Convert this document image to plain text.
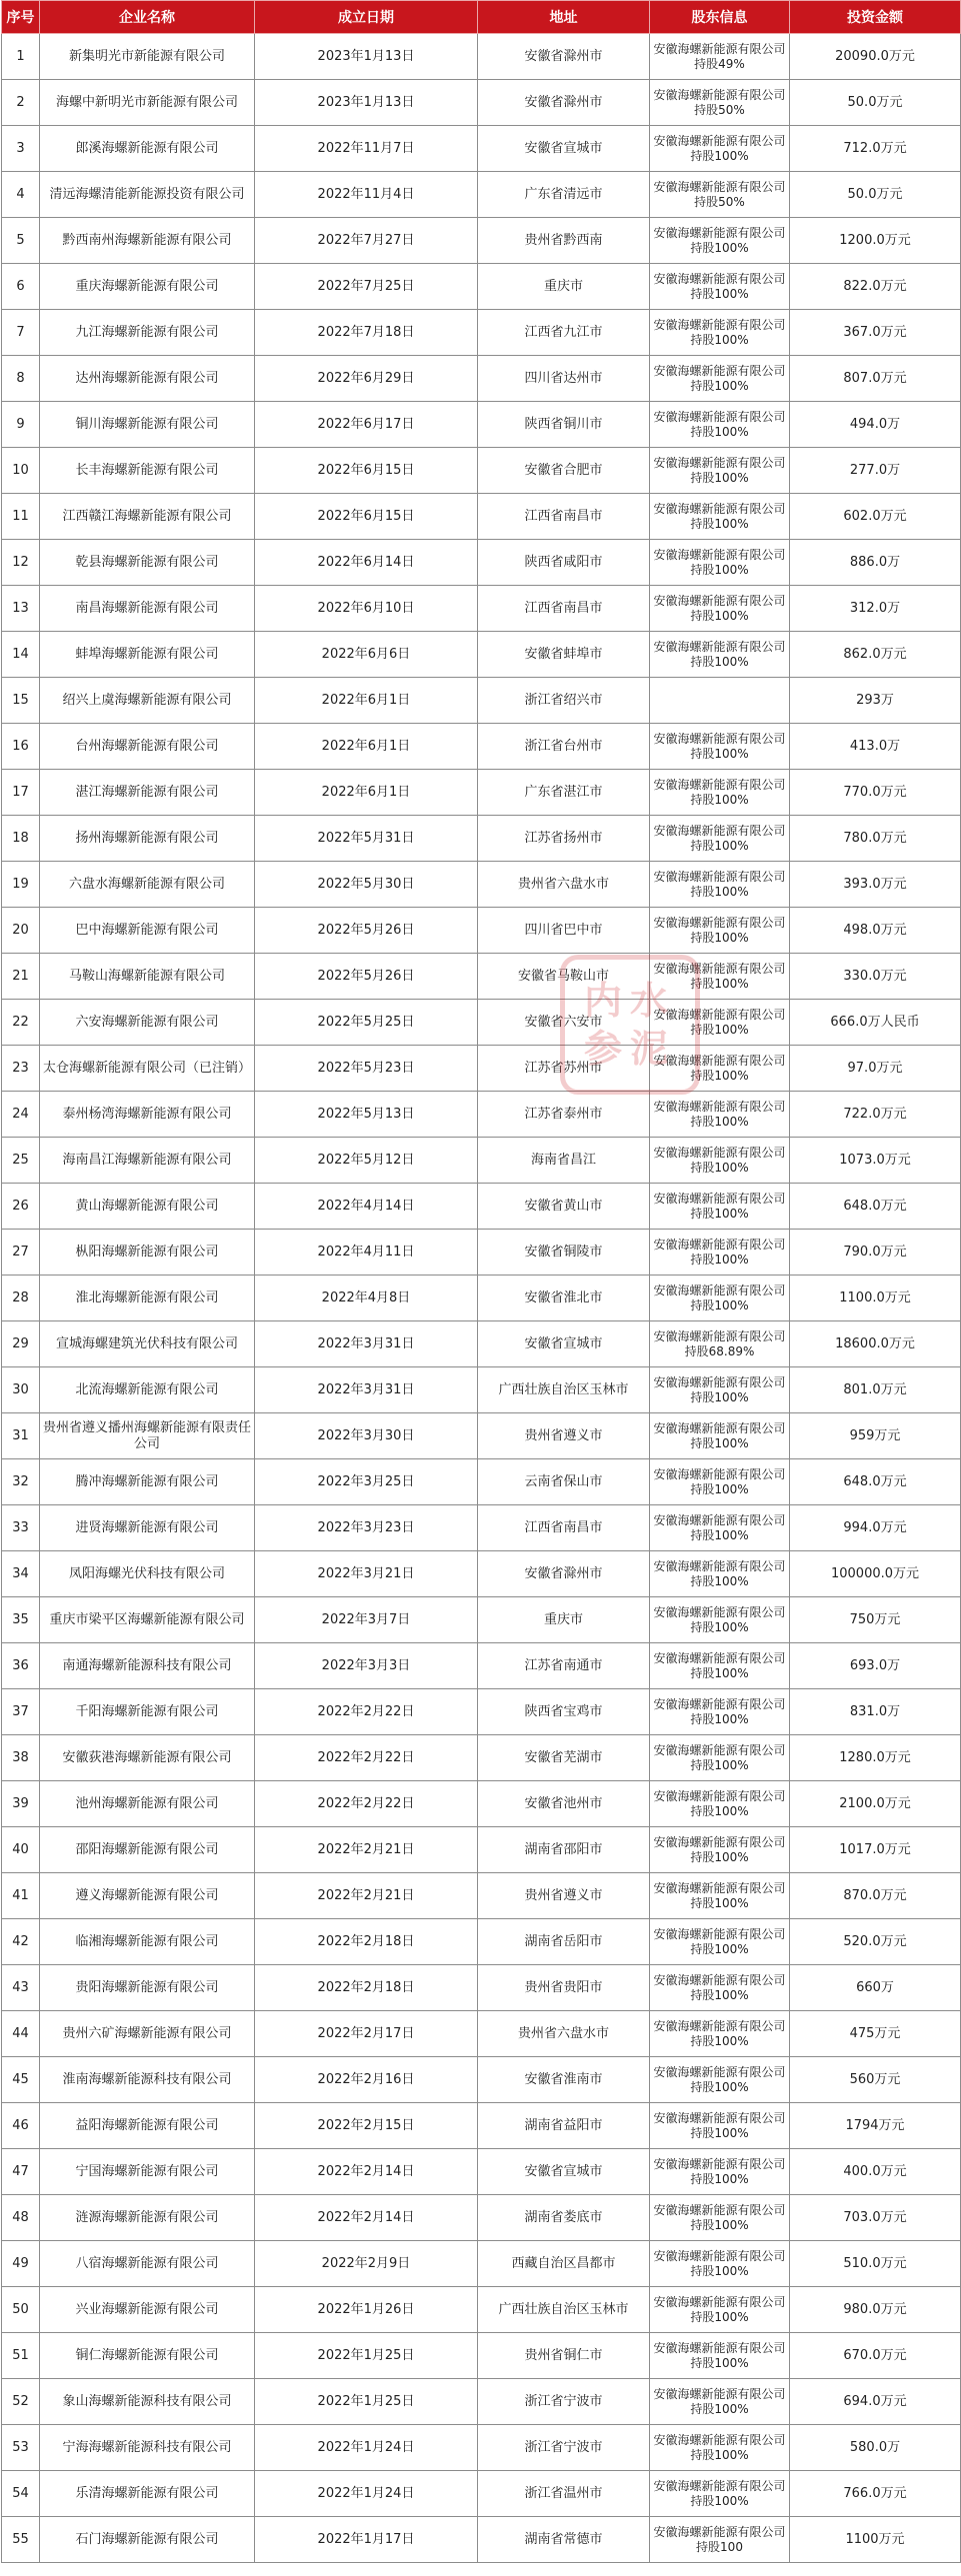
序号	企业名称	成立日期	地址	股东信息	投资金额
1	新集明光市新能源有限公司	2023年1月13日	安徽省滁州市	安徽海螺新能源有限公司持股49%	20090.0万元
2	海螺中新明光市新能源有限公司	2023年1月13日	安徽省滁州市	安徽海螺新能源有限公司持股50%	50.0万元
3	郎溪海螺新能源有限公司	2022年11月7日	安徽省宣城市	安徽海螺新能源有限公司持股100%	712.0万元
4	清远海螺清能新能源投资有限公司	2022年11月4日	广东省清远市	安徽海螺新能源有限公司持股50%	50.0万元
5	黔西南州海螺新能源有限公司	2022年7月27日	贵州省黔西南	安徽海螺新能源有限公司持股100%	1200.0万元
6	重庆海螺新能源有限公司	2022年7月25日	重庆市	安徽海螺新能源有限公司持股100%	822.0万元
7	九江海螺新能源有限公司	2022年7月18日	江西省九江市	安徽海螺新能源有限公司持股100%	367.0万元
8	达州海螺新能源有限公司	2022年6月29日	四川省达州市	安徽海螺新能源有限公司持股100%	807.0万元
9	铜川海螺新能源有限公司	2022年6月17日	陕西省铜川市	安徽海螺新能源有限公司持股100%	494.0万
10	长丰海螺新能源有限公司	2022年6月15日	安徽省合肥市	安徽海螺新能源有限公司持股100%	277.0万
11	江西赣江海螺新能源有限公司	2022年6月15日	江西省南昌市	安徽海螺新能源有限公司持股100%	602.0万元
12	乾县海螺新能源有限公司	2022年6月14日	陕西省咸阳市	安徽海螺新能源有限公司持股100%	886.0万
13	南昌海螺新能源有限公司	2022年6月10日	江西省南昌市	安徽海螺新能源有限公司持股100%	312.0万
14	蚌埠海螺新能源有限公司	2022年6月6日	安徽省蚌埠市	安徽海螺新能源有限公司持股100%	862.0万元
15	绍兴上虞海螺新能源有限公司	2022年6月1日	浙江省绍兴市		293万
16	台州海螺新能源有限公司	2022年6月1日	浙江省台州市	安徽海螺新能源有限公司持股100%	413.0万
17	湛江海螺新能源有限公司	2022年6月1日	广东省湛江市	安徽海螺新能源有限公司持股100%	770.0万元
18	扬州海螺新能源有限公司	2022年5月31日	江苏省扬州市	安徽海螺新能源有限公司持股100%	780.0万元
19	六盘水海螺新能源有限公司	2022年5月30日	贵州省六盘水市	安徽海螺新能源有限公司持股100%	393.0万元
20	巴中海螺新能源有限公司	2022年5月26日	四川省巴中市	安徽海螺新能源有限公司持股100%	498.0万元
21	马鞍山海螺新能源有限公司	2022年5月26日	安徽省马鞍山市	安徽海螺新能源有限公司持股100%	330.0万元
22	六安海螺新能源有限公司	2022年5月25日	安徽省六安市	安徽海螺新能源有限公司持股100%	666.0万人民币
23	太仓海螺新能源有限公司（已注销）	2022年5月23日	江苏省苏州市	安徽海螺新能源有限公司持股100%	97.0万元
24	泰州杨湾海螺新能源有限公司	2022年5月13日	江苏省泰州市	安徽海螺新能源有限公司持股100%	722.0万元
25	海南昌江海螺新能源有限公司	2022年5月12日	海南省昌江	安徽海螺新能源有限公司持股100%	1073.0万元
26	黄山海螺新能源有限公司	2022年4月14日	安徽省黄山市	安徽海螺新能源有限公司持股100%	648.0万元
27	枞阳海螺新能源有限公司	2022年4月11日	安徽省铜陵市	安徽海螺新能源有限公司持股100%	790.0万元
28	淮北海螺新能源有限公司	2022年4月8日	安徽省淮北市	安徽海螺新能源有限公司持股100%	1100.0万元
29	宣城海螺建筑光伏科技有限公司	2022年3月31日	安徽省宣城市	安徽海螺新能源有限公司持股68.89%	18600.0万元
30	北流海螺新能源有限公司	2022年3月31日	广西壮族自治区玉林市	安徽海螺新能源有限公司持股100%	801.0万元
31	贵州省遵义播州海螺新能源有限责任公司	2022年3月30日	贵州省遵义市	安徽海螺新能源有限公司持股100%	959万元
32	腾冲海螺新能源有限公司	2022年3月25日	云南省保山市	安徽海螺新能源有限公司持股100%	648.0万元
33	进贤海螺新能源有限公司	2022年3月23日	江西省南昌市	安徽海螺新能源有限公司持股100%	994.0万元
34	凤阳海螺光伏科技有限公司	2022年3月21日	安徽省滁州市	安徽海螺新能源有限公司持股100%	100000.0万元
35	重庆市梁平区海螺新能源有限公司	2022年3月7日	重庆市	安徽海螺新能源有限公司持股100%	750万元
36	南通海螺新能源科技有限公司	2022年3月3日	江苏省南通市	安徽海螺新能源有限公司持股100%	693.0万
37	千阳海螺新能源有限公司	2022年2月22日	陕西省宝鸡市	安徽海螺新能源有限公司持股100%	831.0万
38	安徽荻港海螺新能源有限公司	2022年2月22日	安徽省芜湖市	安徽海螺新能源有限公司持股100%	1280.0万元
39	池州海螺新能源有限公司	2022年2月22日	安徽省池州市	安徽海螺新能源有限公司持股100%	2100.0万元
40	邵阳海螺新能源有限公司	2022年2月21日	湖南省邵阳市	安徽海螺新能源有限公司持股100%	1017.0万元
41	遵义海螺新能源有限公司	2022年2月21日	贵州省遵义市	安徽海螺新能源有限公司持股100%	870.0万元
42	临湘海螺新能源有限公司	2022年2月18日	湖南省岳阳市	安徽海螺新能源有限公司持股100%	520.0万元
43	贵阳海螺新能源有限公司	2022年2月18日	贵州省贵阳市	安徽海螺新能源有限公司持股100%	660万
44	贵州六矿海螺新能源有限公司	2022年2月17日	贵州省六盘水市	安徽海螺新能源有限公司持股100%	475万元
45	淮南海螺新能源科技有限公司	2022年2月16日	安徽省淮南市	安徽海螺新能源有限公司持股100%	560万元
46	益阳海螺新能源有限公司	2022年2月15日	湖南省益阳市	安徽海螺新能源有限公司持股100%	1794万元
47	宁国海螺新能源有限公司	2022年2月14日	安徽省宣城市	安徽海螺新能源有限公司持股100%	400.0万元
48	涟源海螺新能源有限公司	2022年2月14日	湖南省娄底市	安徽海螺新能源有限公司持股100%	703.0万元
49	八宿海螺新能源有限公司	2022年2月9日	西藏自治区昌都市	安徽海螺新能源有限公司持股100%	510.0万元
50	兴业海螺新能源有限公司	2022年1月26日	广西壮族自治区玉林市	安徽海螺新能源有限公司持股100%	980.0万元
51	铜仁海螺新能源有限公司	2022年1月25日	贵州省铜仁市	安徽海螺新能源有限公司持股100%	670.0万元
52	象山海螺新能源科技有限公司	2022年1月25日	浙江省宁波市	安徽海螺新能源有限公司持股100%	694.0万元
53	宁海海螺新能源科技有限公司	2022年1月24日	浙江省宁波市	安徽海螺新能源有限公司持股100%	580.0万
54	乐清海螺新能源有限公司	2022年1月24日	浙江省温州市	安徽海螺新能源有限公司持股100%	766.0万元
55	石门海螺新能源有限公司	2022年1月17日	湖南省常德市	安徽海螺新能源有限公司持股100	1100万元
内水
参泥
